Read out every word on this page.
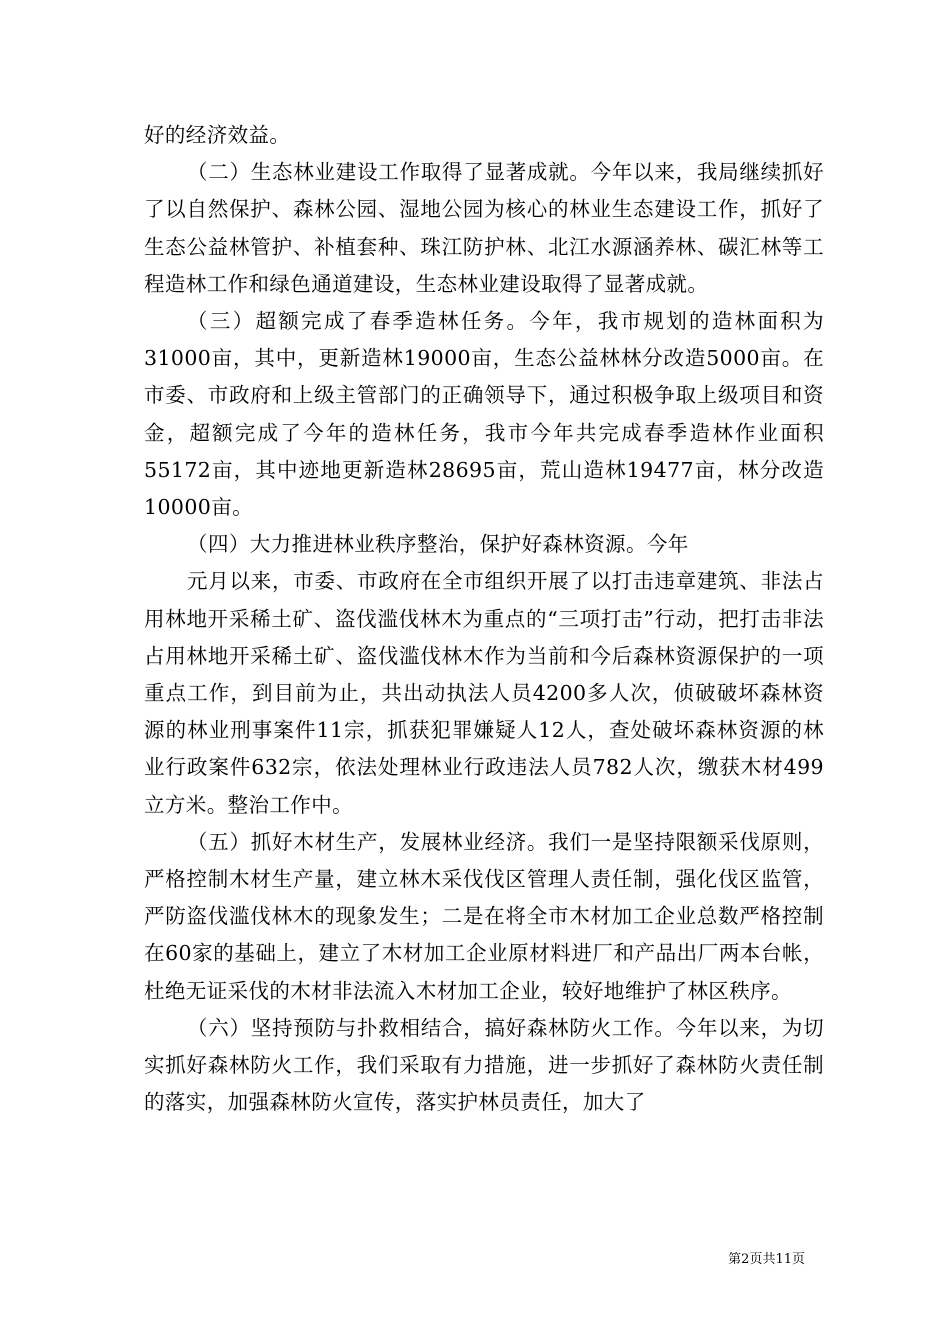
好的经济效益。

（二）生态林业建设工作取得了显著成就。今年以来，我局继续抓好了以自然保护、森林公园、湿地公园为核心的林业生态建设工作，抓好了生态公益林管护、补植套种、珠江防护林、北江水源涵养林、碳汇林等工程造林工作和绿色通道建设，生态林业建设取得了显著成就。

（三）超额完成了春季造林任务。今年，我市规划的造林面积为31000亩，其中，更新造林19000亩，生态公益林林分改造5000亩。在市委、市政府和上级主管部门的正确领导下，通过积极争取上级项目和资金，超额完成了今年的造林任务，我市今年共完成春季造林作业面积55172亩，其中迹地更新造林28695亩，荒山造林19477亩，林分改造10000亩。

（四）大力推进林业秩序整治，保护好森林资源。今年

元月以来，市委、市政府在全市组织开展了以打击违章建筑、非法占用林地开采稀土矿、盗伐滥伐林木为重点的“三项打击”行动，把打击非法占用林地开采稀土矿、盗伐滥伐林木作为当前和今后森林资源保护的一项重点工作，到目前为止，共出动执法人员4200多人次，侦破破坏森林资源的林业刑事案件11宗，抓获犯罪嫌疑人12人，查处破坏森林资源的林业行政案件632宗，依法处理林业行政违法人员782人次，缴获木材499立方米。整治工作中。

（五）抓好木材生产，发展林业经济。我们一是坚持限额采伐原则，严格控制木材生产量，建立林木采伐伐区管理人责任制，强化伐区监管，严防盗伐滥伐林木的现象发生；二是在将全市木材加工企业总数严格控制在60家的基础上，建立了木材加工企业原材料进厂和产品出厂两本台帐，杜绝无证采伐的木材非法流入木材加工企业，较好地维护了林区秩序。

（六）坚持预防与扑救相结合，搞好森林防火工作。今年以来，为切实抓好森林防火工作，我们采取有力措施，进一步抓好了森林防火责任制的落实，加强森林防火宣传，落实护林员责任，加大了

第2页共11页
